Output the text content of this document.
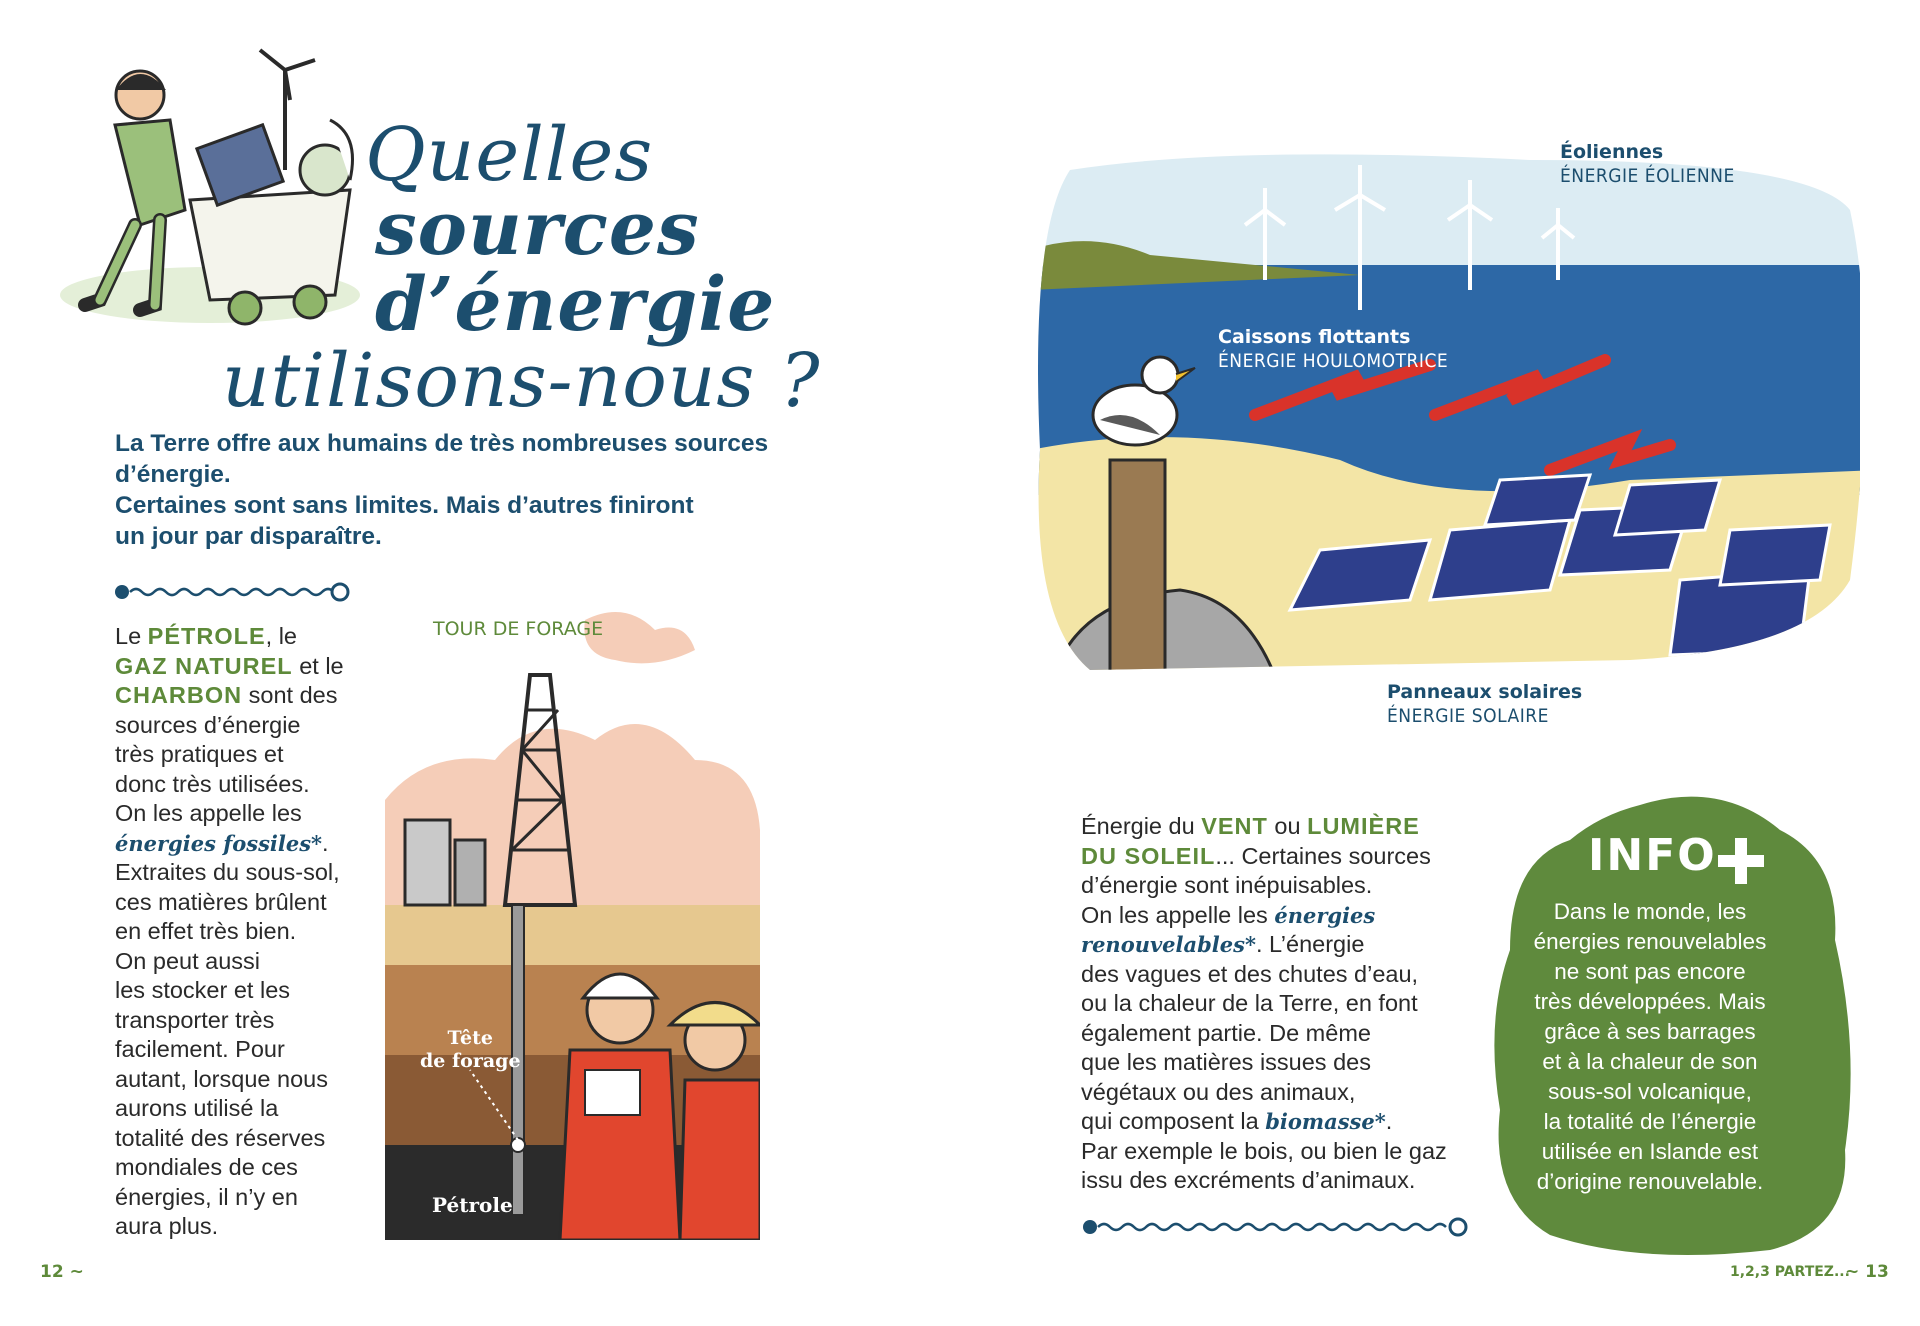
Quelles
sources
d’énergie
utilisons-nous ?
La Terre offre aux humains de très nombreuses sources d’énergie.
Certaines sont sans limites. Mais d’autres finiront
un jour par disparaître.
Le PÉTROLE, le
GAZ NATUREL et le
CHARBON sont des
sources d’énergie
très pratiques et
donc très utilisées.
On les appelle les
énergies fossiles*.
Extraites du sous-sol,
ces matières brûlent
en effet très bien.
On peut aussi
les stocker et les
transporter très
facilement. Pour
autant, lorsque nous
aurons utilisé la
totalité des réserves
mondiales de ces
énergies, il n’y en
aura plus.
TOUR DE FORAGE
Tête
de forage
Pétrole
Éoliennes
ÉNERGIE ÉOLIENNE
Caissons flottants
ÉNERGIE HOULOMOTRICE
Panneaux solaires
ÉNERGIE SOLAIRE
Énergie du VENT ou LUMIÈRE
DU SOLEIL... Certaines sources
d’énergie sont inépuisables.
On les appelle les énergies
renouvelables*. L’énergie
des vagues et des chutes d’eau,
ou la chaleur de la Terre, en font
également partie. De même
que les matières issues des
végétaux ou des animaux,
qui composent la biomasse*.
Par exemple le bois, ou bien le gaz
issu des excréments d’animaux.
INFO
Dans le monde, les
énergies renouvelables
ne sont pas encore
très développées. Mais
grâce à ses barrages
et à la chaleur de son
sous-sol volcanique,
la totalité de l’énergie
utilisée en Islande est
d’origine renouvelable.
12 ~	1,2,3 PARTEZ...
~ 13
